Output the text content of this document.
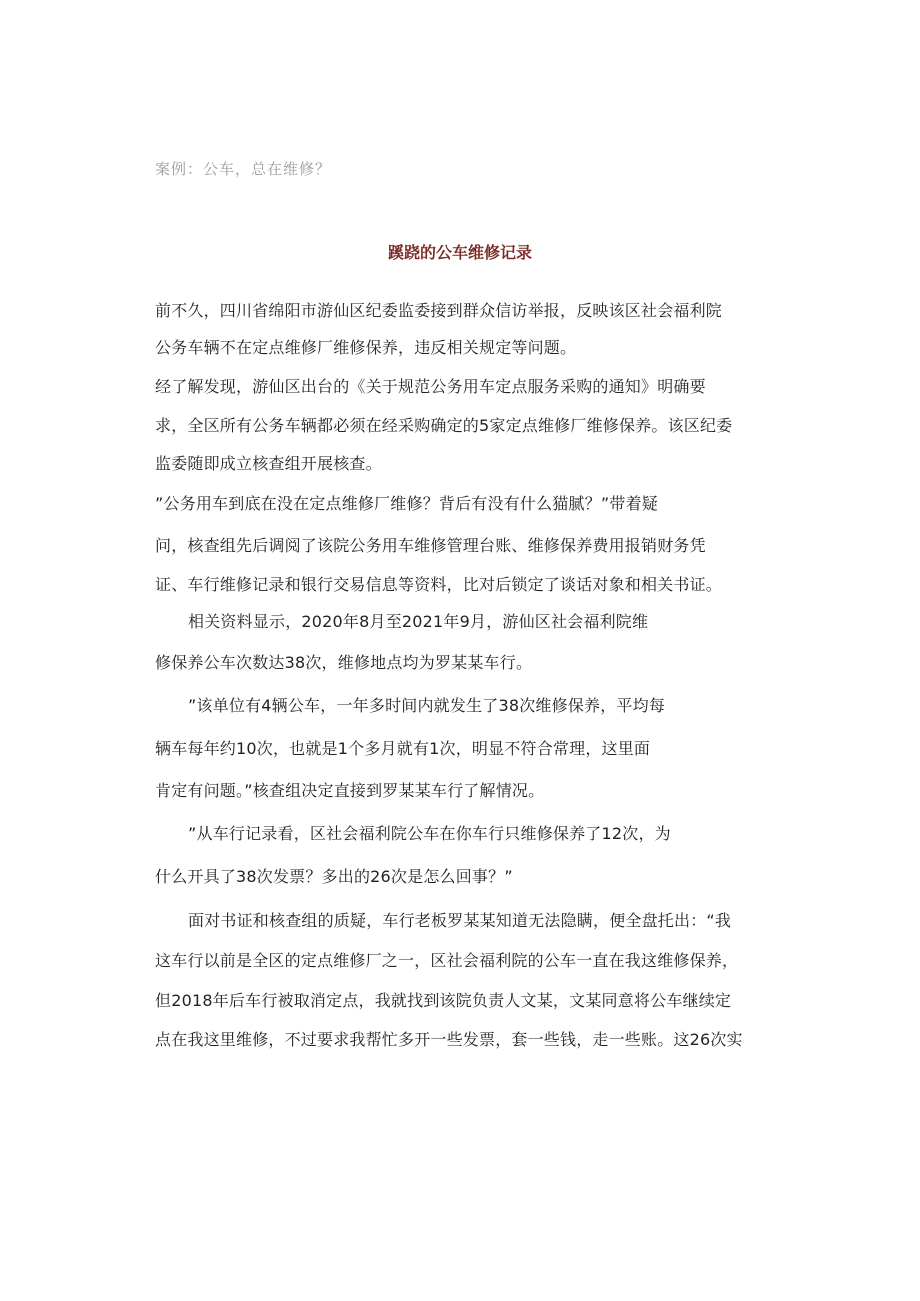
案例：公车，总在维修？
蹊跷的公车维修记录
前不久，四川省绵阳市游仙区纪委监委接到群众信访举报，反映该区社会福利院
公务车辆不在定点维修厂维修保养，违反相关规定等问题。
经了解发现，游仙区出台的《关于规范公务用车定点服务采购的通知》明确要
求，全区所有公务车辆都必须在经采购确定的5家定点维修厂维修保养。该区纪委
监委随即成立核查组开展核查。
”公务用车到底在没在定点维修厂维修？背后有没有什么猫腻？”带着疑
问，核查组先后调阅了该院公务用车维修管理台账、维修保养费用报销财务凭
证、车行维修记录和银行交易信息等资料，比对后锁定了谈话对象和相关书证。
相关资料显示，2020年8月至2021年9月，游仙区社会福利院维
修保养公车次数达38次，维修地点均为罗某某车行。
”该单位有4辆公车，一年多时间内就发生了38次维修保养，平均每
辆车每年约10次，也就是1个多月就有1次，明显不符合常理，这里面
肯定有问题。”核查组决定直接到罗某某车行了解情况。
”从车行记录看，区社会福利院公车在你车行只维修保养了12次，为
什么开具了38次发票？多出的26次是怎么回事？”
面对书证和核查组的质疑，车行老板罗某某知道无法隐瞒，便全盘托出：“我
这车行以前是全区的定点维修厂之一，区社会福利院的公车一直在我这维修保养，
但2018年后车行被取消定点，我就找到该院负责人文某，文某同意将公车继续定
点在我这里维修，不过要求我帮忙多开一些发票，套一些钱，走一些账。这26次实
